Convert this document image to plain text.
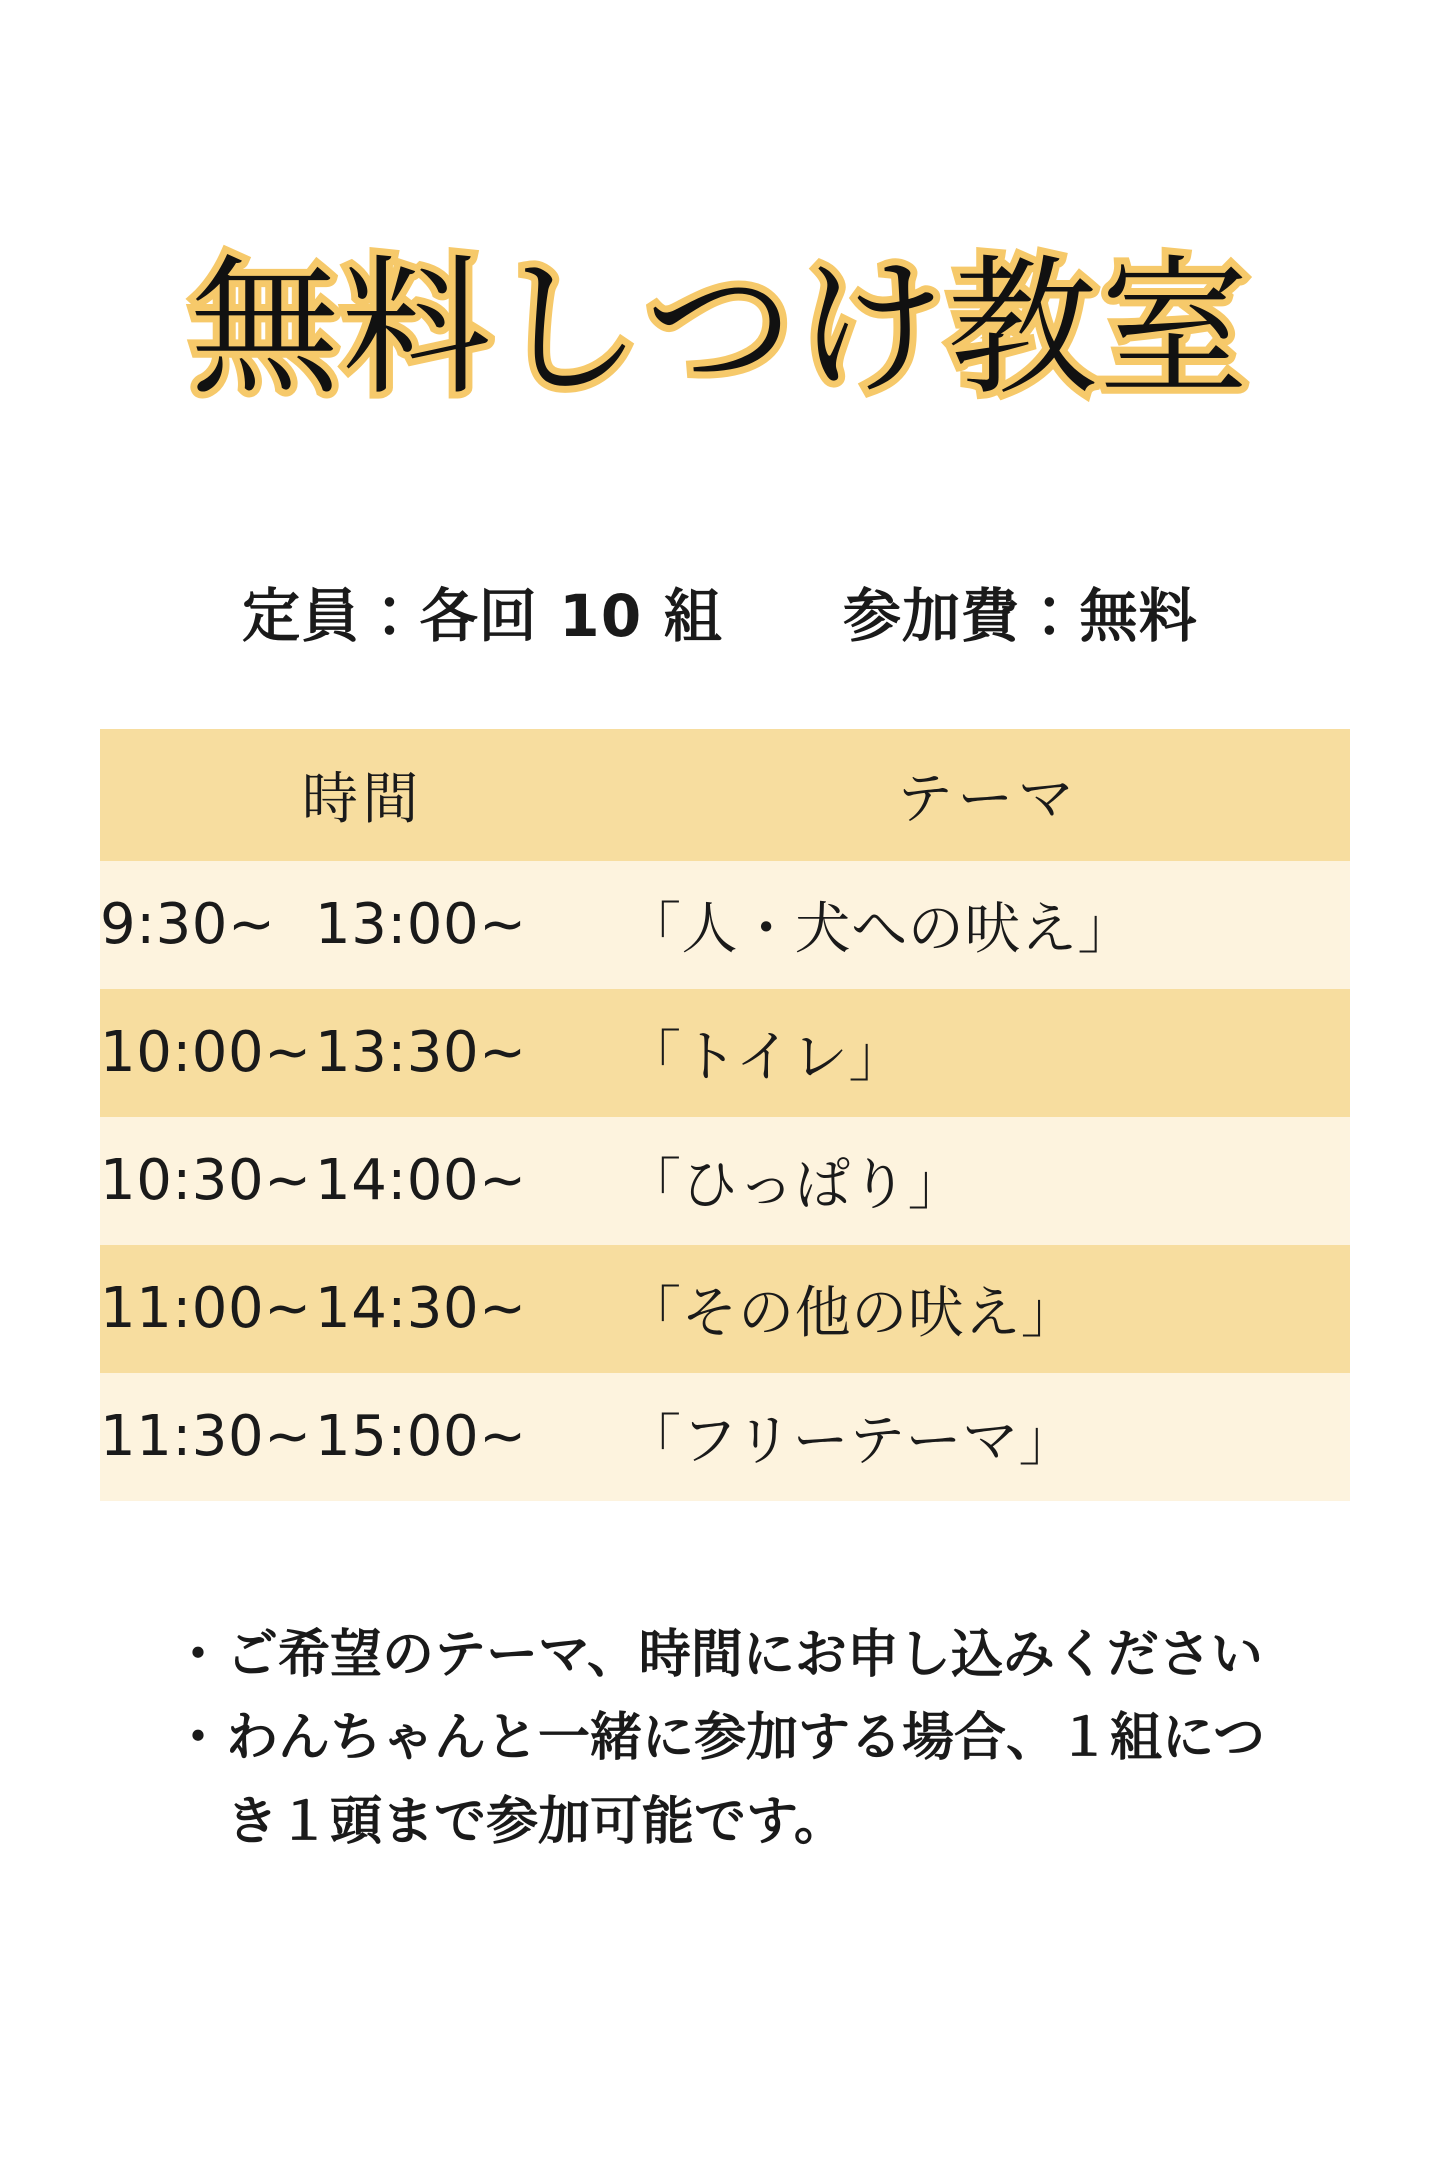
無料しつけ教室
定員：各回 10 組 参加費：無料
時間	テーマ
9:30~ 13:00~	「人・犬への吠え」
10:00~13:30~	「トイレ」
10:30~14:00~	「ひっぱり」
11:00~14:30~	「その他の吠え」
11:30~15:00~	「フリーテーマ」
・ ご希望のテーマ、時間にお申し込みください
・ わんちゃんと一緒に参加する場合、１組につ
　き１頭まで参加可能です。
